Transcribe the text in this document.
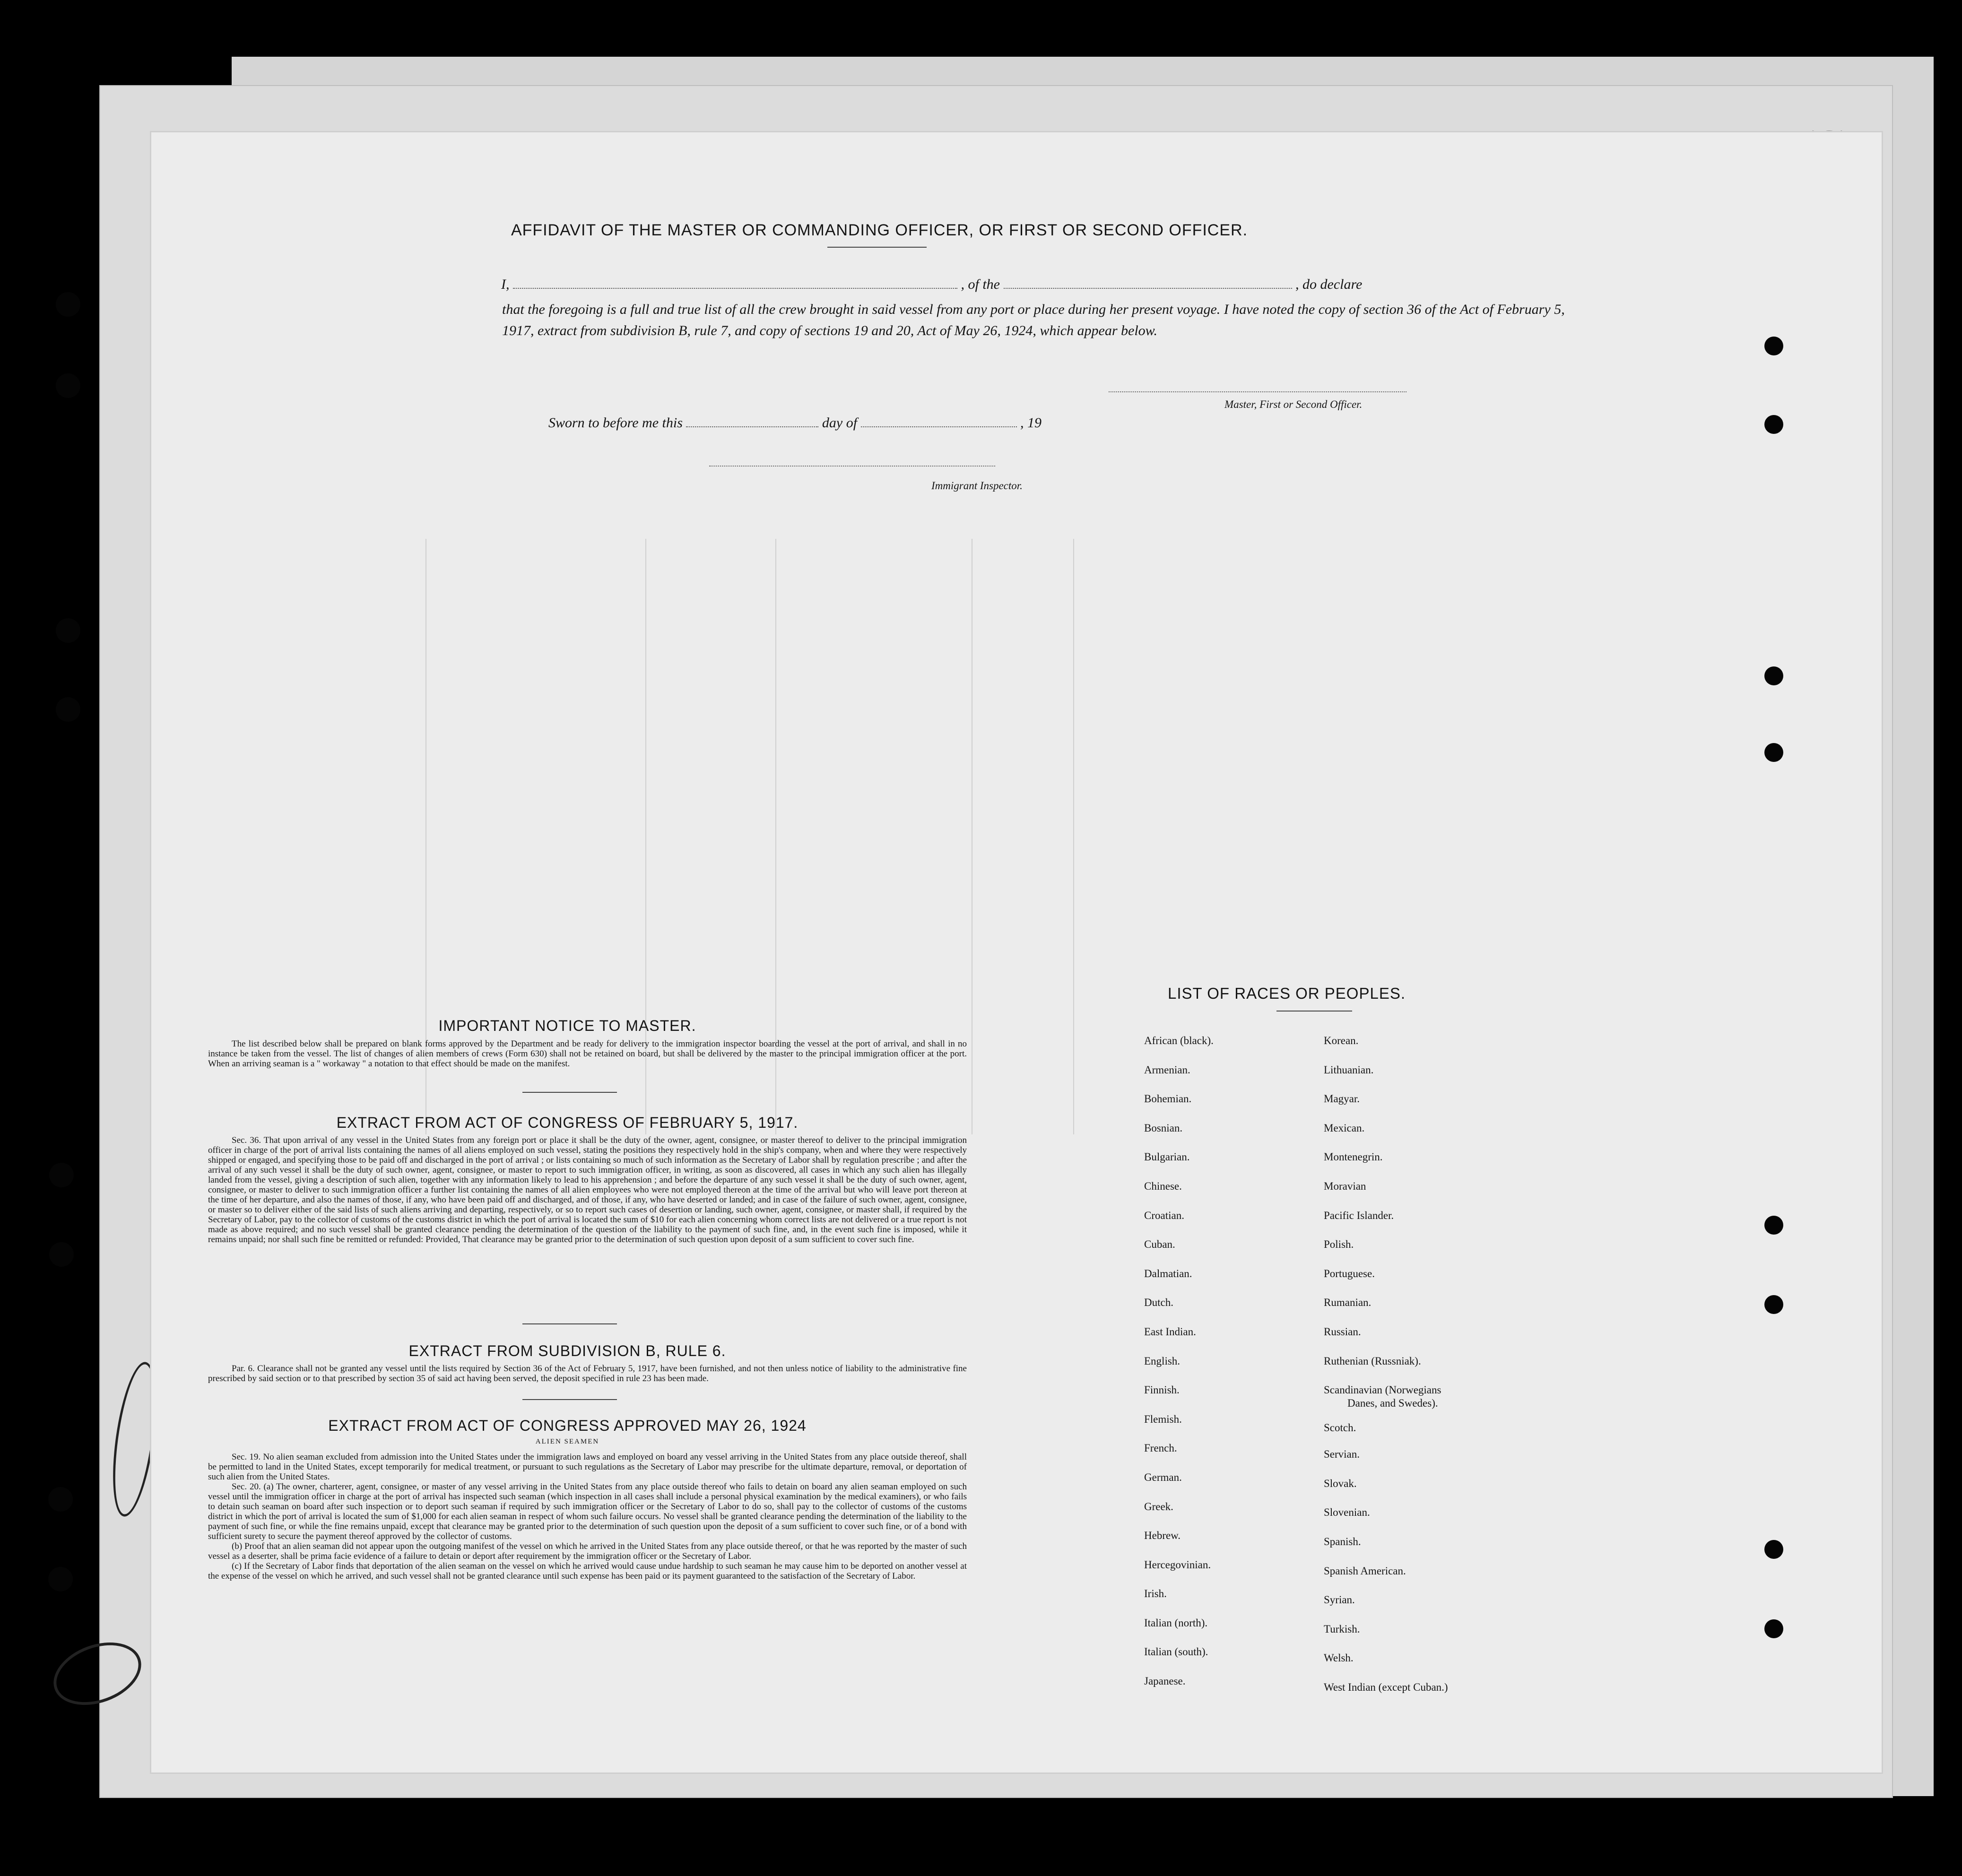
AFFIDAVIT OF THE MASTER OR COMMANDING OFFICER, OR FIRST OR SECOND OFFICER.
I,	, of the	, do declare
that the foregoing is a full and true list of all the crew brought in said vessel from any port or place during her present voyage. I have noted the copy of section 36 of the Act of February 5, 1917, extract from subdivision B, rule 7, and copy of sections 19 and 20, Act of May 26, 1924, which appear below.
Master, First or Second Officer.
Sworn to before me this	day of	, 19
Immigrant Inspector.
IMPORTANT NOTICE TO MASTER.
The list described below shall be prepared on blank forms approved by the Department and be ready for delivery to the immigration inspector boarding the vessel at the port of arrival, and shall in no instance be taken from the vessel. The list of changes of alien members of crews (Form 630) shall not be retained on board, but shall be delivered by the master to the principal immigration officer at the port. When an arriving seaman is a " workaway " a notation to that effect should be made on the manifest.
EXTRACT FROM ACT OF CONGRESS OF FEBRUARY 5, 1917.
Sec. 36. That upon arrival of any vessel in the United States from any foreign port or place it shall be the duty of the owner, agent, consignee, or master thereof to deliver to the principal immigration officer in charge of the port of arrival lists containing the names of all aliens employed on such vessel, stating the positions they respectively hold in the ship's company, when and where they were respectively shipped or engaged, and specifying those to be paid off and discharged in the port of arrival ; or lists containing so much of such information as the Secretary of Labor shall by regulation prescribe ; and after the arrival of any such vessel it shall be the duty of such owner, agent, consignee, or master to report to such immigration officer, in writing, as soon as discovered, all cases in which any such alien has illegally landed from the vessel, giving a description of such alien, together with any information likely to lead to his apprehension ; and before the departure of any such vessel it shall be the duty of such owner, agent, consignee, or master to deliver to such immigration officer a further list containing the names of all alien employees who were not employed thereon at the time of the arrival but who will leave port thereon at the time of her departure, and also the names of those, if any, who have been paid off and discharged, and of those, if any, who have deserted or landed; and in case of the failure of such owner, agent, consignee, or master so to deliver either of the said lists of such aliens arriving and departing, respectively, or so to report such cases of desertion or landing, such owner, agent, consignee, or master shall, if required by the Secretary of Labor, pay to the collector of customs of the customs district in which the port of arrival is located the sum of $10 for each alien concerning whom correct lists are not delivered or a true report is not made as above required; and no such vessel shall be granted clearance pending the determination of the question of the liability to the payment of such fine, and, in the event such fine is imposed, while it remains unpaid; nor shall such fine be remitted or refunded: Provided, That clearance may be granted prior to the determination of such question upon deposit of a sum sufficient to cover such fine.
EXTRACT FROM SUBDIVISION B, RULE 6.
Par. 6. Clearance shall not be granted any vessel until the lists required by Section 36 of the Act of February 5, 1917, have been furnished, and not then unless notice of liability to the administrative fine prescribed by said section or to that prescribed by section 35 of said act having been served, the deposit specified in rule 23 has been made.
EXTRACT FROM ACT OF CONGRESS APPROVED MAY 26, 1924
ALIEN SEAMEN
Sec. 19. No alien seaman excluded from admission into the United States under the immigration laws and employed on board any vessel arriving in the United States from any place outside thereof, shall be permitted to land in the United States, except temporarily for medical treatment, or pursuant to such regulations as the Secretary of Labor may prescribe for the ultimate departure, removal, or deportation of such alien from the United States.
Sec. 20. (a) The owner, charterer, agent, consignee, or master of any vessel arriving in the United States from any place outside thereof who fails to detain on board any alien seaman employed on such vessel until the immigration officer in charge at the port of arrival has inspected such seaman (which inspection in all cases shall include a personal physical examination by the medical examiners), or who fails to detain such seaman on board after such inspection or to deport such seaman if required by such immigration officer or the Secretary of Labor to do so, shall pay to the collector of customs of the customs district in which the port of arrival is located the sum of $1,000 for each alien seaman in respect of whom such failure occurs. No vessel shall be granted clearance pending the determination of the liability to the payment of such fine, or while the fine remains unpaid, except that clearance may be granted prior to the determination of such question upon the deposit of a sum sufficient to cover such fine, or of a bond with sufficient surety to secure the payment thereof approved by the collector of customs.
(b) Proof that an alien seaman did not appear upon the outgoing manifest of the vessel on which he arrived in the United States from any place outside thereof, or that he was reported by the master of such vessel as a deserter, shall be prima facie evidence of a failure to detain or deport after requirement by the immigration officer or the Secretary of Labor.
(c) If the Secretary of Labor finds that deportation of the alien seaman on the vessel on which he arrived would cause undue hardship to such seaman he may cause him to be deported on another vessel at the expense of the vessel on which he arrived, and such vessel shall not be granted clearance until such expense has been paid or its payment guaranteed to the satisfaction of the Secretary of Labor.
LIST OF RACES OR PEOPLES.
African (black).
Armenian.
Bohemian.
Bosnian.
Bulgarian.
Chinese.
Croatian.
Cuban.
Dalmatian.
Dutch.
East Indian.
English.
Finnish.
Flemish.
French.
German.
Greek.
Hebrew.
Hercegovinian.
Irish.
Italian (north).
Italian (south).
Japanese.
Korean.
Lithuanian.
Magyar.
Mexican.
Montenegrin.
Moravian
Pacific Islander.
Polish.
Portuguese.
Rumanian.
Russian.
Ruthenian (Russniak).
Scandinavian (Norwegians
Danes, and Swedes).
Scotch.
Servian.
Slovak.
Slovenian.
Spanish.
Spanish American.
Syrian.
Turkish.
Welsh.
West Indian (except Cuban.)
